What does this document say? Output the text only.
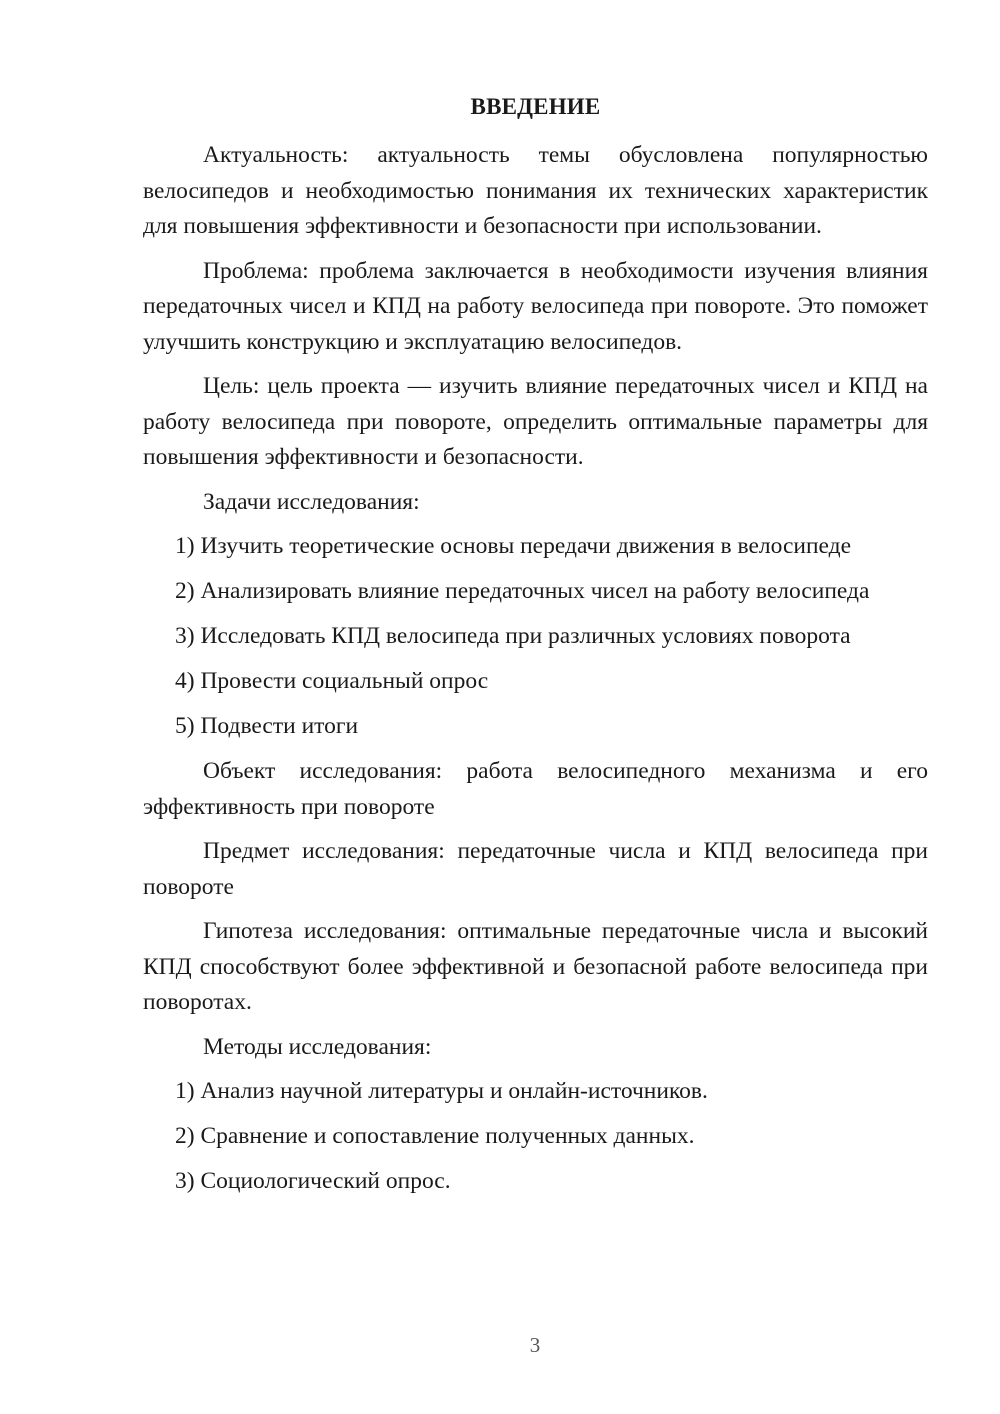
ВВЕДЕНИЕ

Актуальность: актуальность темы обусловлена популярностью велосипедов и необходимостью понимания их технических характеристик для повышения эффективности и безопасности при использовании.

Проблема: проблема заключается в необходимости изучения влияния передаточных чисел и КПД на работу велосипеда при повороте. Это поможет улучшить конструкцию и эксплуатацию велосипедов.

Цель: цель проекта — изучить влияние передаточных чисел и КПД на работу велосипеда при повороте, определить оптимальные параметры для повышения эффективности и безопасности.

Задачи исследования:

1) Изучить теоретические основы передачи движения в велосипеде

2) Анализировать влияние передаточных чисел на работу велосипеда

3) Исследовать КПД велосипеда при различных условиях поворота

4) Провести социальный опрос

5) Подвести итоги

Объект исследования: работа велосипедного механизма и его эффективность при повороте

Предмет исследования: передаточные числа и КПД велосипеда при повороте

Гипотеза исследования: оптимальные передаточные числа и высокий КПД способствуют более эффективной и безопасной работе велосипеда при поворотах.

Методы исследования:

1) Анализ научной литературы и онлайн-источников.

2) Сравнение и сопоставление полученных данных.

3) Социологический опрос.

3
